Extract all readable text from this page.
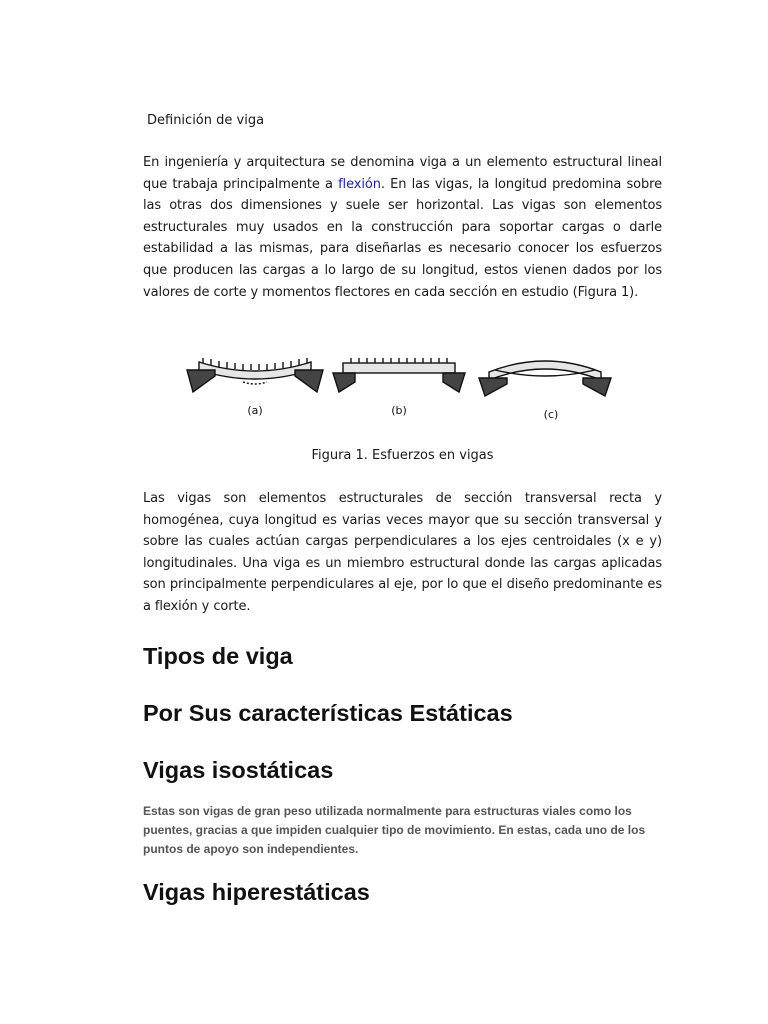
Definición de viga

En ingeniería y arquitectura se denomina viga a un elemento estructural lineal que trabaja principalmente a flexión. En las vigas, la longitud predomina sobre las otras dos dimensiones y suele ser horizontal. Las vigas son elementos estructurales muy usados en la construcción para soportar cargas o darle estabilidad a las mismas, para diseñarlas es necesario conocer los esfuerzos que producen las cargas a lo largo de su longitud, estos vienen dados por los valores de corte y momentos flectores en cada sección en estudio (Figura 1).

(a)	(b)	(c)
Figura 1. Esfuerzos en vigas

Las vigas son elementos estructurales de sección transversal recta y homogénea, cuya longitud es varias veces mayor que su sección transversal y sobre las cuales actúan cargas perpendiculares a los ejes centroidales (x e y) longitudinales. Una viga es un miembro estructural donde las cargas aplicadas son principalmente perpendiculares al eje, por lo que el diseño predominante es a flexión y corte.

Tipos de viga
Por Sus características Estáticas
Vigas isostáticas

Estas son vigas de gran peso utilizada normalmente para estructuras viales como los puentes, gracias a que impiden cualquier tipo de movimiento. En estas, cada uno de los puntos de apoyo son independientes.

Vigas hiperestáticas
